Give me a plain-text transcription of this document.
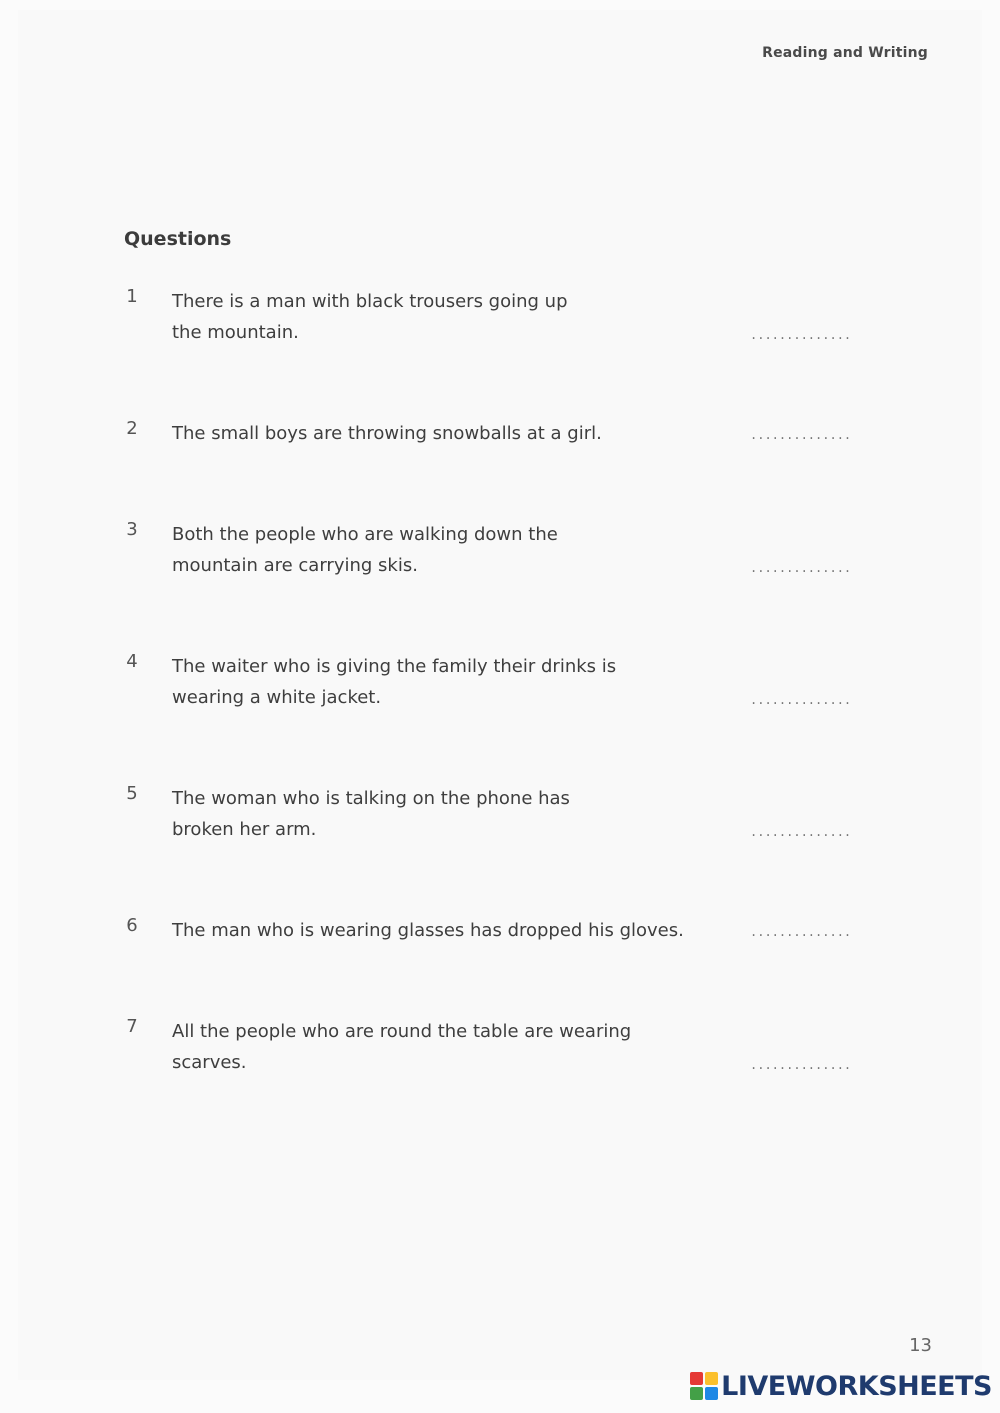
Reading and Writing
Questions
1	There is a man with black trousers going up
the mountain.	..............
2	The small boys are throwing snowballs at a girl.	..............
3	Both the people who are walking down the
mountain are carrying skis.	..............
4	The waiter who is giving the family their drinks is
wearing a white jacket.	..............
5	The woman who is talking on the phone has
broken her arm.	..............
6	The man who is wearing glasses has dropped his gloves.	..............
7	All the people who are round the table are wearing
scarves.	..............
13
LIVEWORKSHEETS
